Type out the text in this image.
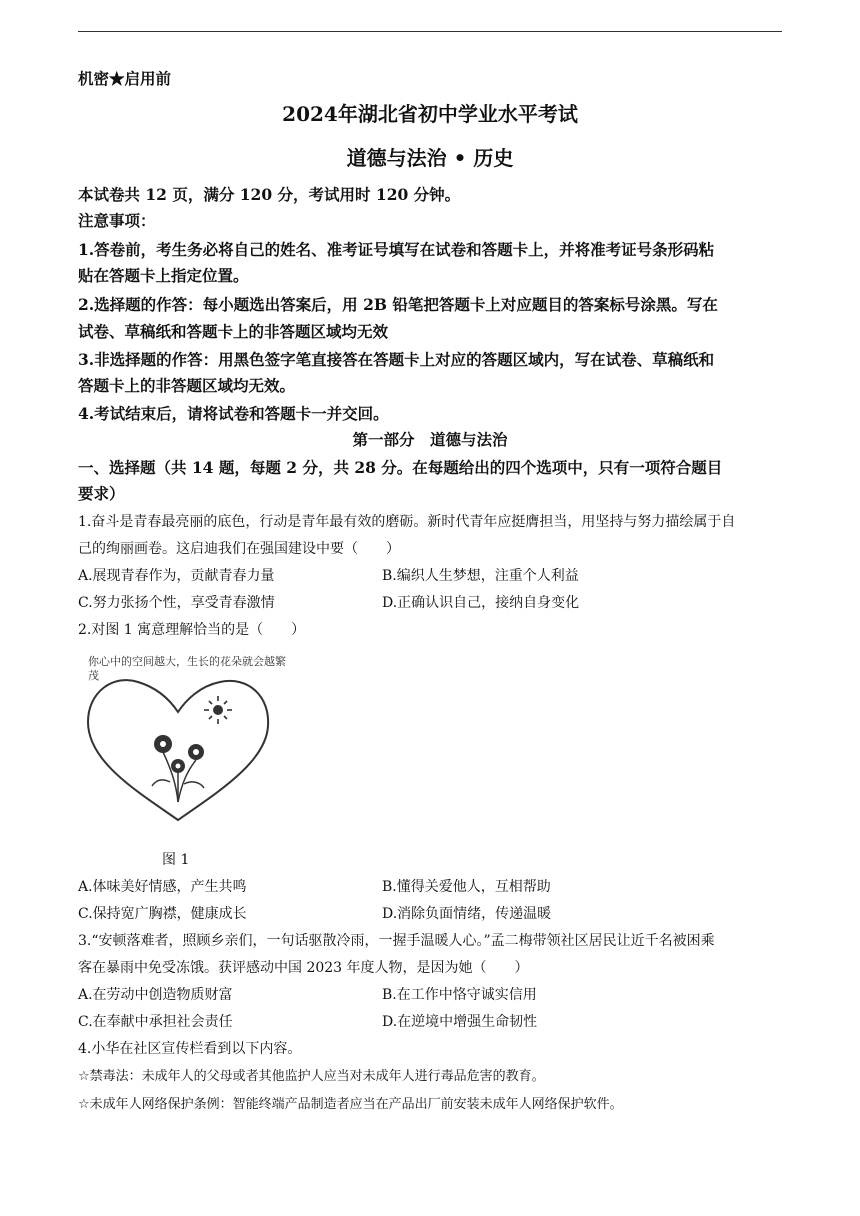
机密★启用前
2024年湖北省初中学业水平考试
道德与法治 • 历史
本试卷共 12 页，满分 120 分，考试用时 120 分钟。
注意事项：
1.答卷前，考生务必将自己的姓名、准考证号填写在试卷和答题卡上，并将准考证号条形码粘
贴在答题卡上指定位置。
2.选择题的作答：每小题选出答案后，用 2B 铅笔把答题卡上对应题目的答案标号涂黑。写在
试卷、草稿纸和答题卡上的非答题区域均无效
3.非选择题的作答：用黑色签字笔直接答在答题卡上对应的答题区域内，写在试卷、草稿纸和
答题卡上的非答题区域均无效。
4.考试结束后，请将试卷和答题卡一并交回。
第一部分　道德与法治
一、选择题（共 14 题，每题 2 分，共 28 分。在每题给出的四个选项中，只有一项符合题目
要求）
1.奋斗是青春最亮丽的底色，行动是青年最有效的磨砺。新时代青年应挺膺担当，用坚持与努力描绘属于自
己的绚丽画卷。这启迪我们在强国建设中要（　　）
A.展现青春作为，贡献青春力量	B.编织人生梦想，注重个人利益
C.努力张扬个性，享受青春激情	D.正确认识自己，接纳自身变化
2.对图 1 寓意理解恰当的是（　　）
你心中的空间越大，生长的花朵就会越繁茂
图 1
A.体味美好情感，产生共鸣	B.懂得关爱他人，互相帮助
C.保持宽广胸襟，健康成长	D.消除负面情绪，传递温暖
3.“安顿落难者，照顾乡亲们，一句话驱散冷雨，一握手温暖人心。”孟二梅带领社区居民让近千名被困乘
客在暴雨中免受冻饿。获评感动中国 2023 年度人物，是因为她（　　）
A.在劳动中创造物质财富	B.在工作中恪守诚实信用
C.在奉献中承担社会责任	D.在逆境中增强生命韧性
4.小华在社区宣传栏看到以下内容。
☆禁毒法：未成年人的父母或者其他监护人应当对未成年人进行毒品危害的教育。
☆未成年人网络保护条例：智能终端产品制造者应当在产品出厂前安装未成年人网络保护软件。
